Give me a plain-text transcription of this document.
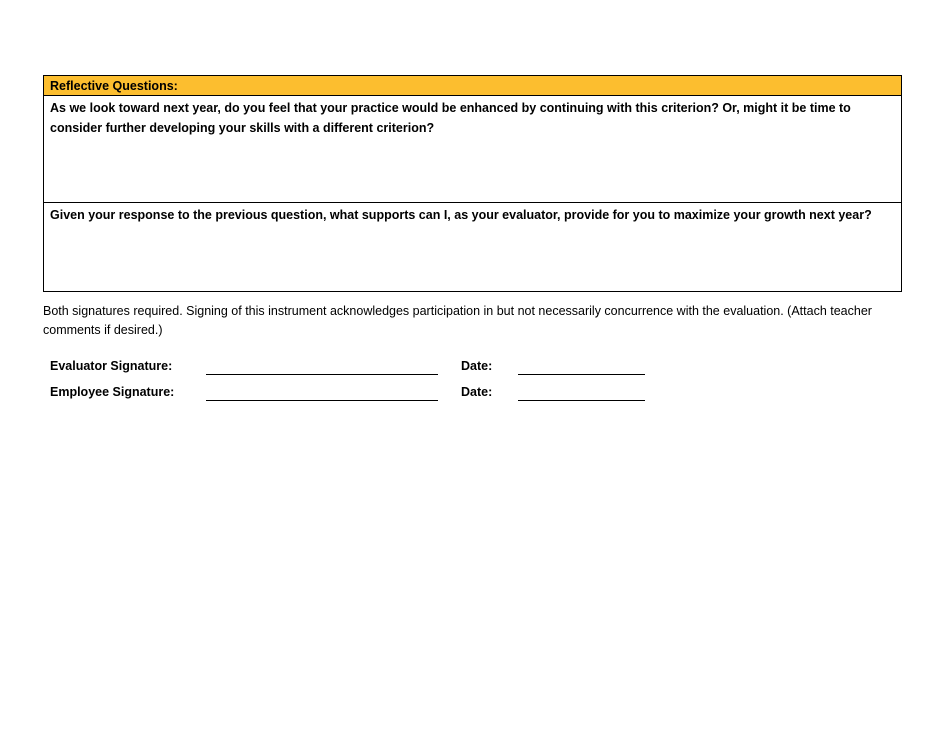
Reflective Questions:
As we look toward next year, do you feel that your practice would be enhanced by continuing with this criterion? Or, might it be time to consider further developing your skills with a different criterion?
Given your response to the previous question, what supports can I, as your evaluator, provide for you to maximize your growth next year?
Both signatures required. Signing of this instrument acknowledges participation in but not necessarily concurrence with the evaluation. (Attach teacher comments if desired.)
Evaluator Signature:	Date:
Employee Signature:	Date:
